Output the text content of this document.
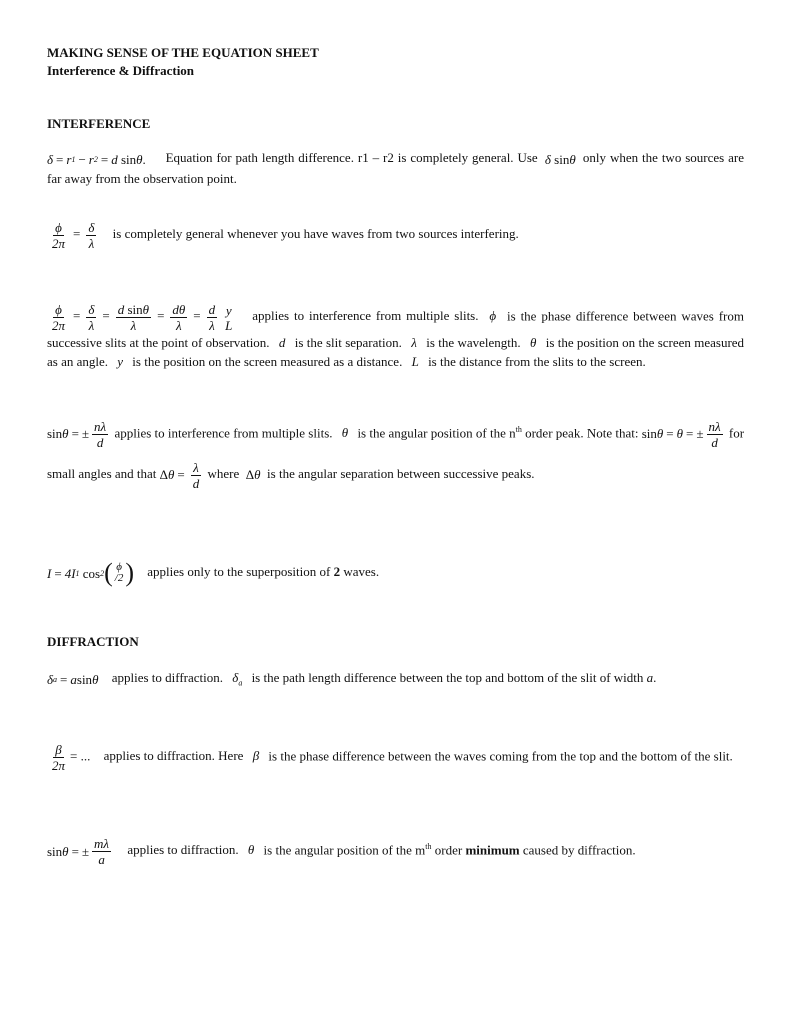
MAKING SENSE OF THE EQUATION SHEET
Interference & Diffraction
INTERFERENCE
δ = r 1 − r 2 = d sin θ . Equation for path length difference. r1 – r2 is completely general. Use  δ sin θ  only when the two sources are far away from the observation point.
$\frac{\phi}{2\pi} = \frac{\delta}{\lambda}$ is completely general whenever you have waves from two sources interfering.
$\frac{\phi}{2\pi} = \frac{\delta}{\lambda} = \frac{\text{d sinθ}}{\lambda} = \frac{d\theta}{\lambda} = \frac{d}{\lambda}$ y
L
applies to interference from multiple slits. ϕ is the phase difference between waves from successive slits at the point of observation. d is the slit separation. λ is the wavelength. θ is the position on the screen measured as an angle. y is the position on the screen measured as a distance. L is the distance from the slits to the screen.
sin θ = ± $\frac{n\lambda}{d}$ applies to interference from multiple slits. θ is the angular position of the $n^{th}$ order peak. Note that: sin θ = θ = ± $\frac{n\lambda}{d}$ for small angles and that Δ $\theta = \frac{\lambda}{d}$ where Δ θ  is the angular separation between successive peaks.
I = 4I 1 cos 2 ( ϕ
/2 ) applies only to the superposition of 2 waves.
DIFFRACTION
δ a = a sin θ applies to diffraction. $\delta_a$ is the path length difference between the top and bottom of the slit of width a.
$\frac{\beta}{2\pi}$ = ... applies to diffraction. Here β is the phase difference between the waves coming from the top and the bottom of the slit.
sin θ = ± $\frac{m\lambda}{a}$ applies to diffraction. θ is the angular position of the $m^{th}$ order minimum caused by diffraction.
